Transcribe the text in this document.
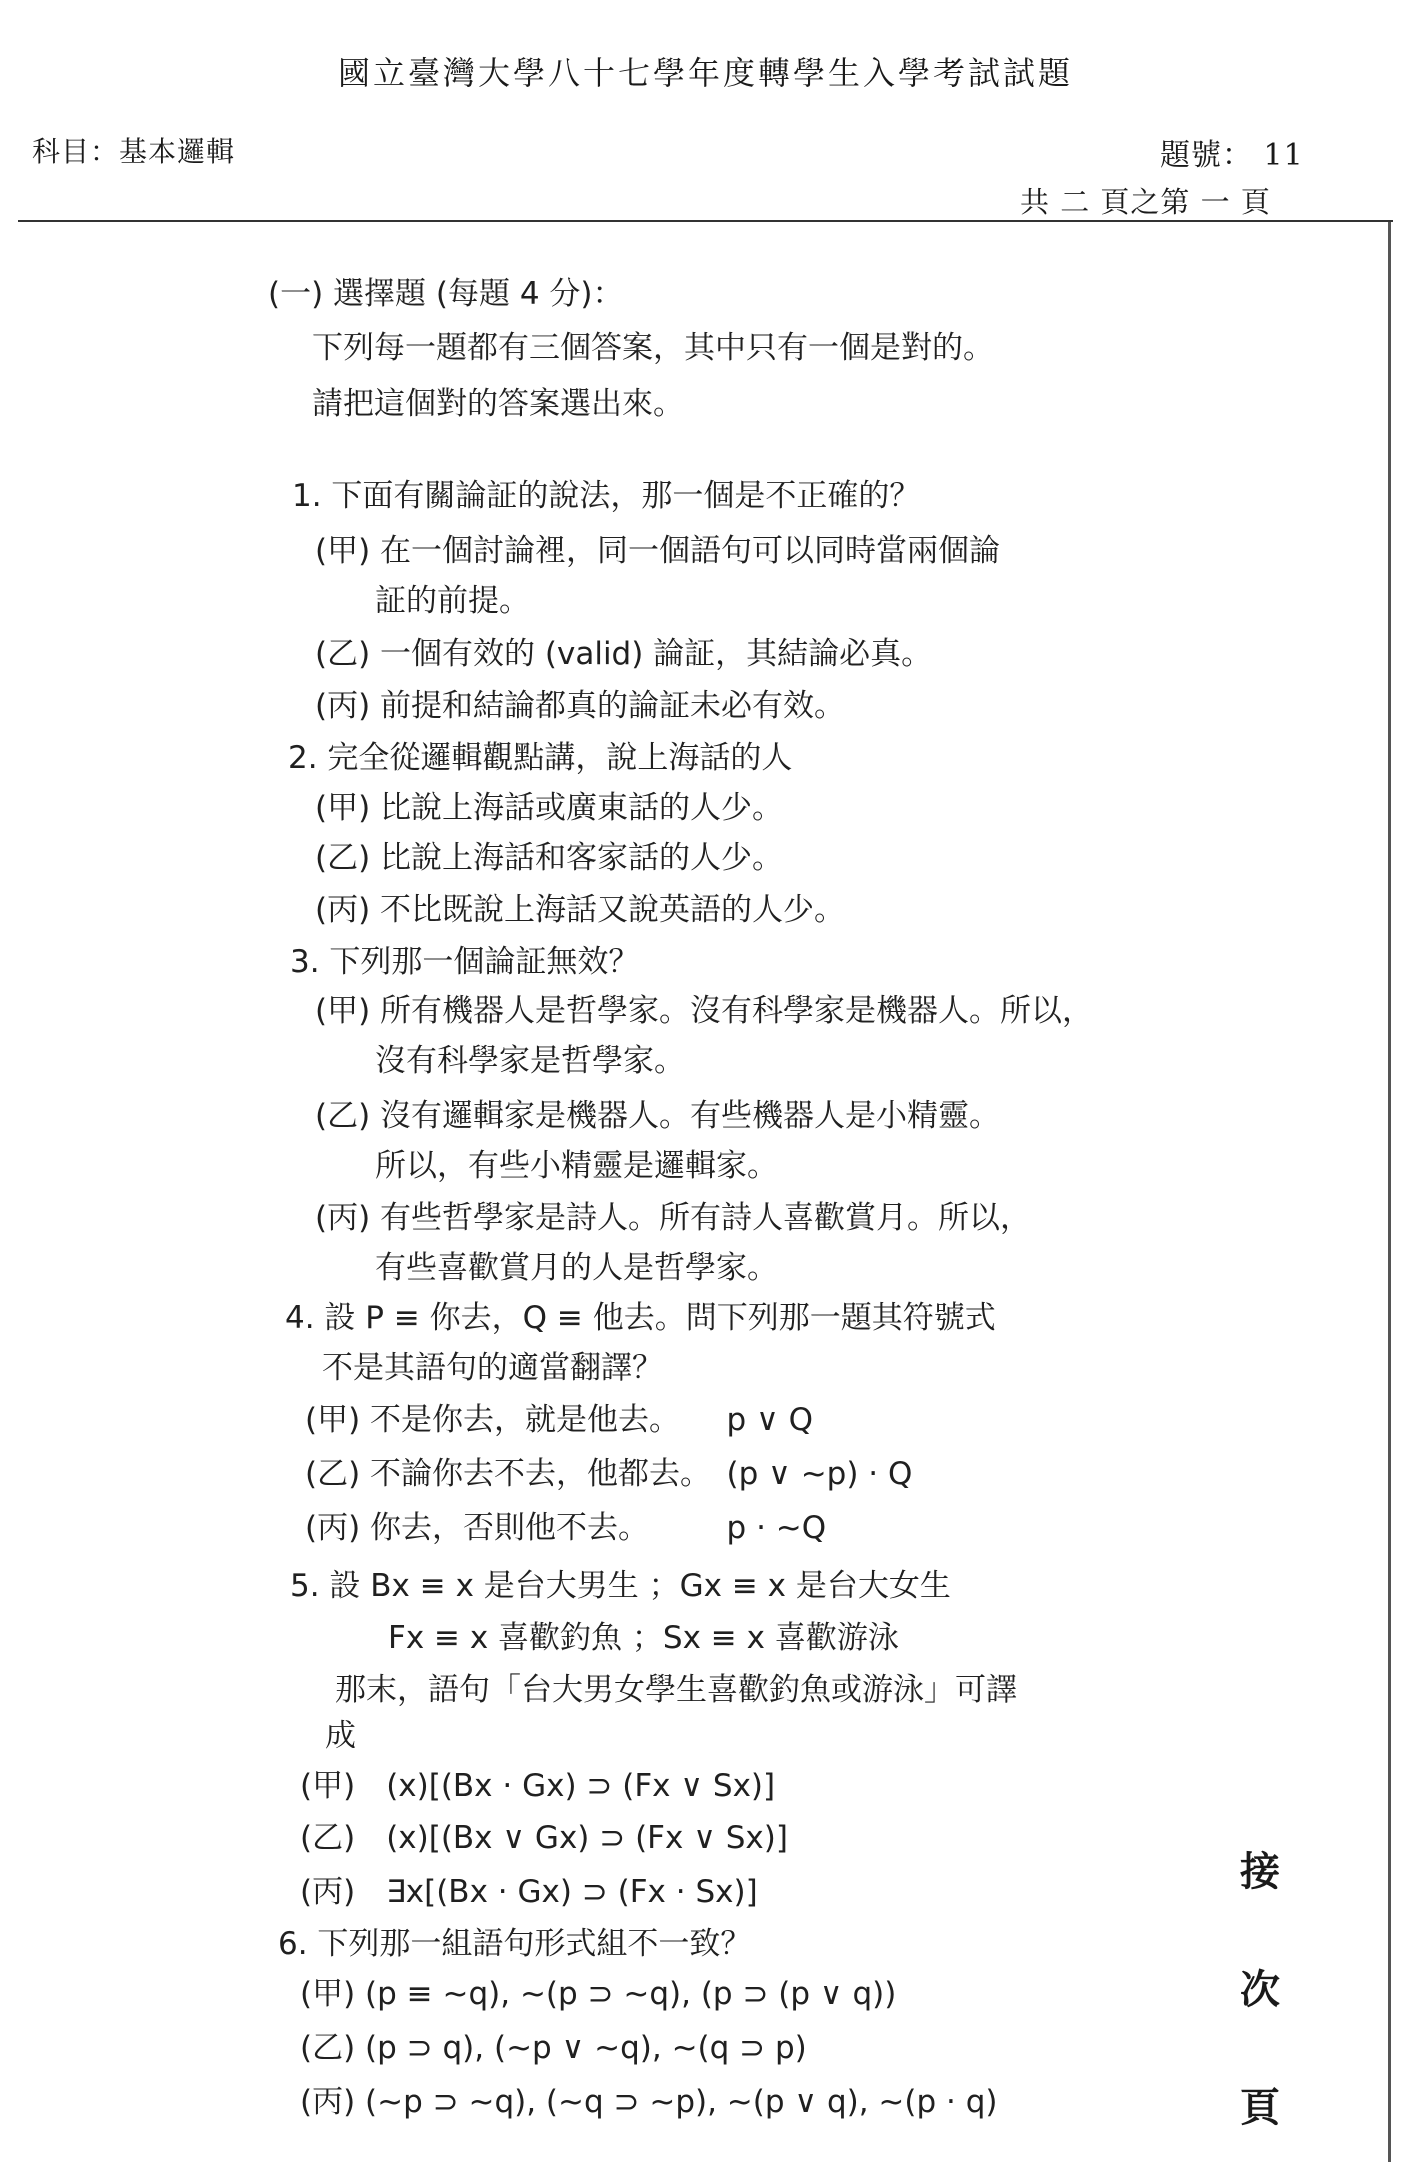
國立臺灣大學八十七學年度轉學生入學考試試題
科目：基本邏輯	題號： 11
共 二 頁之第 一 頁
(一) 選擇題 (每題 4 分)：
下列每一題都有三個答案，其中只有一個是對的。
請把這個對的答案選出來。
1. 下面有關論証的說法，那一個是不正確的？
(甲) 在一個討論裡，同一個語句可以同時當兩個論
証的前提。
(乙) 一個有效的 (valid) 論証，其結論必真。
(丙) 前提和結論都真的論証未必有效。
2. 完全從邏輯觀點講，說上海話的人
(甲) 比說上海話或廣東話的人少。
(乙) 比說上海話和客家話的人少。
(丙) 不比既說上海話又說英語的人少。
3. 下列那一個論証無效？
(甲) 所有機器人是哲學家。沒有科學家是機器人。所以，
沒有科學家是哲學家。
(乙) 沒有邏輯家是機器人。有些機器人是小精靈。
所以，有些小精靈是邏輯家。
(丙) 有些哲學家是詩人。所有詩人喜歡賞月。所以，
有些喜歡賞月的人是哲學家。
4. 設 P ≡ 你去，Q ≡ 他去。問下列那一題其符號式
不是其語句的適當翻譯？
(甲) 不是你去，就是他去。　　p ∨ Q
(乙) 不論你去不去，他都去。　(p ∨ ~p) · Q
(丙) 你去，否則他不去。　　　p · ~Q
5. 設 Bx ≡ x 是台大男生 ；Gx ≡ x 是台大女生
Fx ≡ x 喜歡釣魚 ；Sx ≡ x 喜歡游泳
那末，語句「台大男女學生喜歡釣魚或游泳」可譯
成
(甲)　(x)[(Bx · Gx) ⊃ (Fx ∨ Sx)]
(乙)　(x)[(Bx ∨ Gx) ⊃ (Fx ∨ Sx)]
(丙)　∃x[(Bx · Gx) ⊃ (Fx · Sx)]
6. 下列那一組語句形式組不一致？
(甲) (p ≡ ~q), ~(p ⊃ ~q), (p ⊃ (p ∨ q))
(乙) (p ⊃ q), (~p ∨ ~q), ~(q ⊃ p)
(丙) (~p ⊃ ~q), (~q ⊃ ~p), ~(p ∨ q), ~(p · q)
接
次
頁
